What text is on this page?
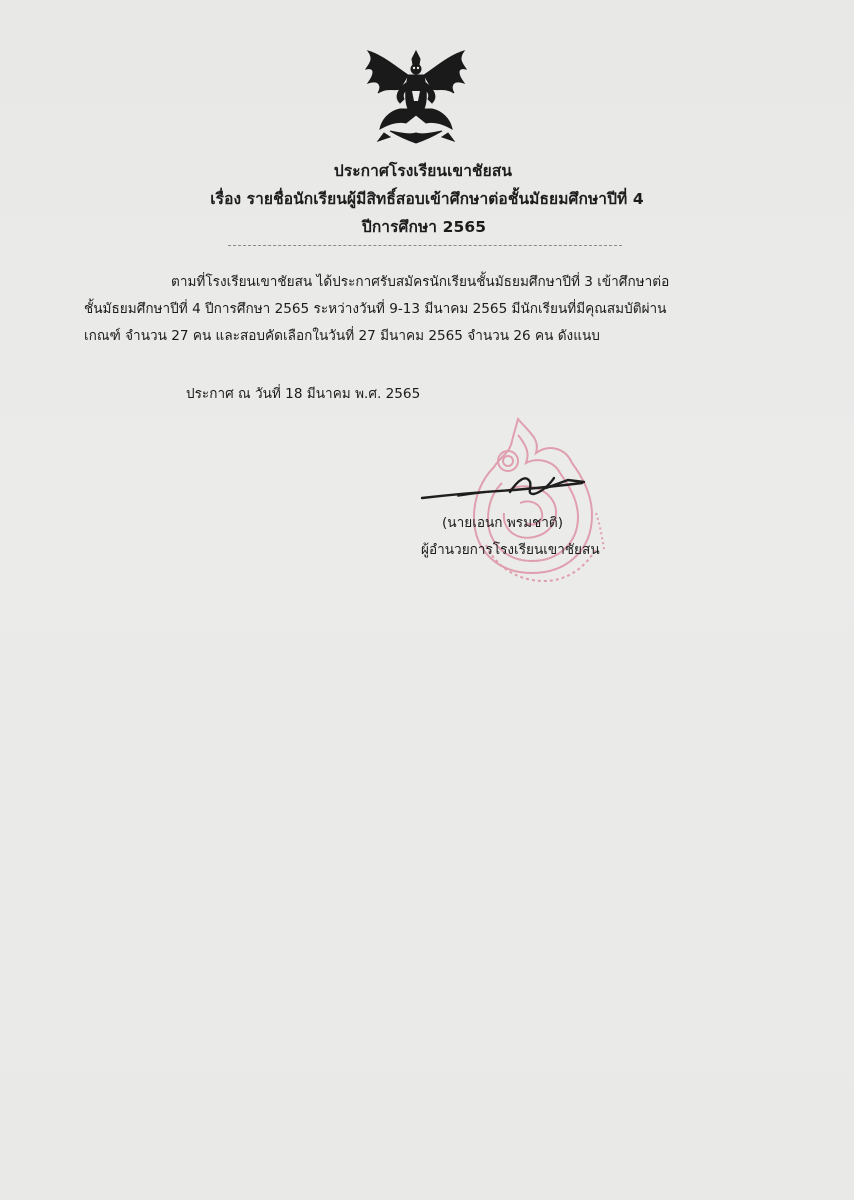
ประกาศโรงเรียนเขาชัยสน
เรื่อง รายชื่อนักเรียนผู้มีสิทธิ์สอบเข้าศึกษาต่อชั้นมัธยมศึกษาปีที่ 4
ปีการศึกษา 2565
ตามที่โรงเรียนเขาชัยสน ได้ประกาศรับสมัครนักเรียนชั้นมัธยมศึกษาปีที่ 3 เข้าศึกษาต่อ
ชั้นมัธยมศึกษาปีที่ 4 ปีการศึกษา 2565 ระหว่างวันที่ 9-13 มีนาคม 2565 มีนักเรียนที่มีคุณสมบัติผ่าน
เกณฑ์ จำนวน 27 คน และสอบคัดเลือกในวันที่ 27 มีนาคม 2565 จำนวน 26 คน ดังแนบ
ประกาศ ณ วันที่ 18 มีนาคม พ.ศ. 2565
(นายเอนก พรมชาติ)
ผู้อำนวยการโรงเรียนเขาชัยสน
